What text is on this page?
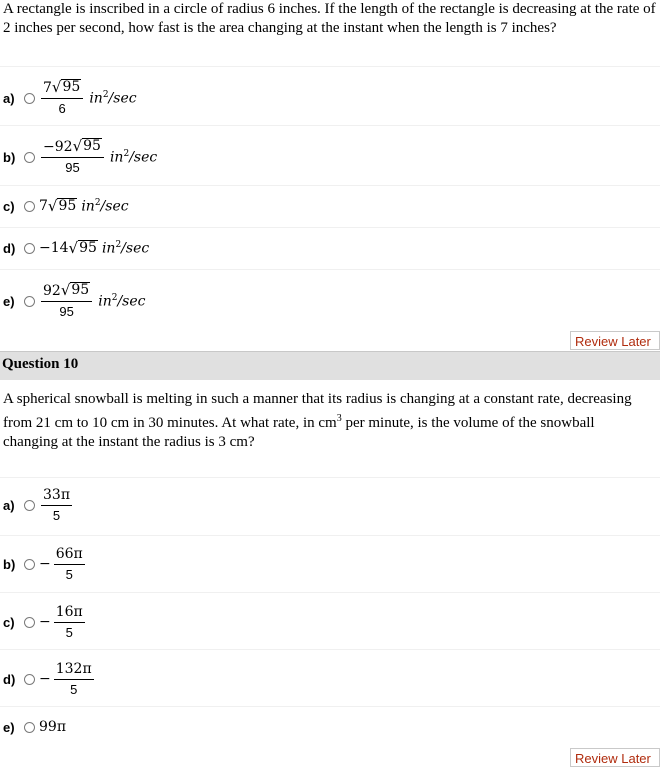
A rectangle is inscribed in a circle of radius 6 inches. If the length of the rectangle is decreasing at the rate of 2 inches per second, how fast is the area changing at the instant when the length is 7 inches?
a)	$\frac{7 √ 95}{6} in^2/\sec$
$b) \frac{-92 √ 95}{95} in^2/\sec$
c)	7 √ 95 $in^2/\sec$
d) −14 √ 95 $in^2/\sec$
e)	$\frac{92 √ 95}{95} in^2/\sec$
Review Later
Question 10
A spherical snowball is melting in such a manner that its radius is changing at a constant rate, decreasing from 21 cm to 10 cm in 30 minutes. At what rate, in $cm^3$ per minute, is the volume of the snowball changing at the instant the radius is 3 cm?
a)	$\frac{33\pi}{5}$
$b) - \frac{66\pi}{5}$
c)	− $\frac{16\pi}{5}$
$d) - \frac{132\pi}{5}$
e)	99π
Review Later
